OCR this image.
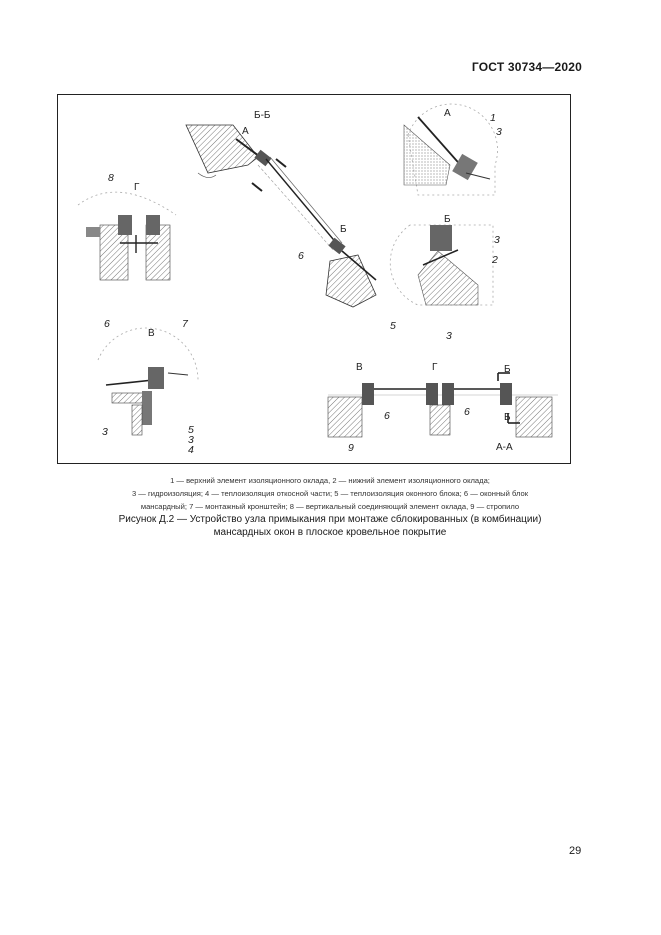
ГОСТ 30734—2020
Б-Б
А
Б
А
Б
Г
В
В	Г	Б
Б
А-А
1
3
3
2
3
5
6
8
6	7
3	5
3
4
6	6
9
1 — верхний элемент изоляционного оклада, 2 — нижний элемент изоляционного оклада;
3 — гидроизоляция; 4 — теплоизоляция откосной части; 5 — теплоизоляция оконного блока; 6 — оконный блок
мансардный; 7 — монтажный кронштейн; 8 — вертикальный соединяющий элемент оклада, 9 — стропило
Рисунок Д.2 — Устройство узла примыкания при монтаже сблокированных (в комбинации)
мансардных окон в плоское кровельное покрытие
29
